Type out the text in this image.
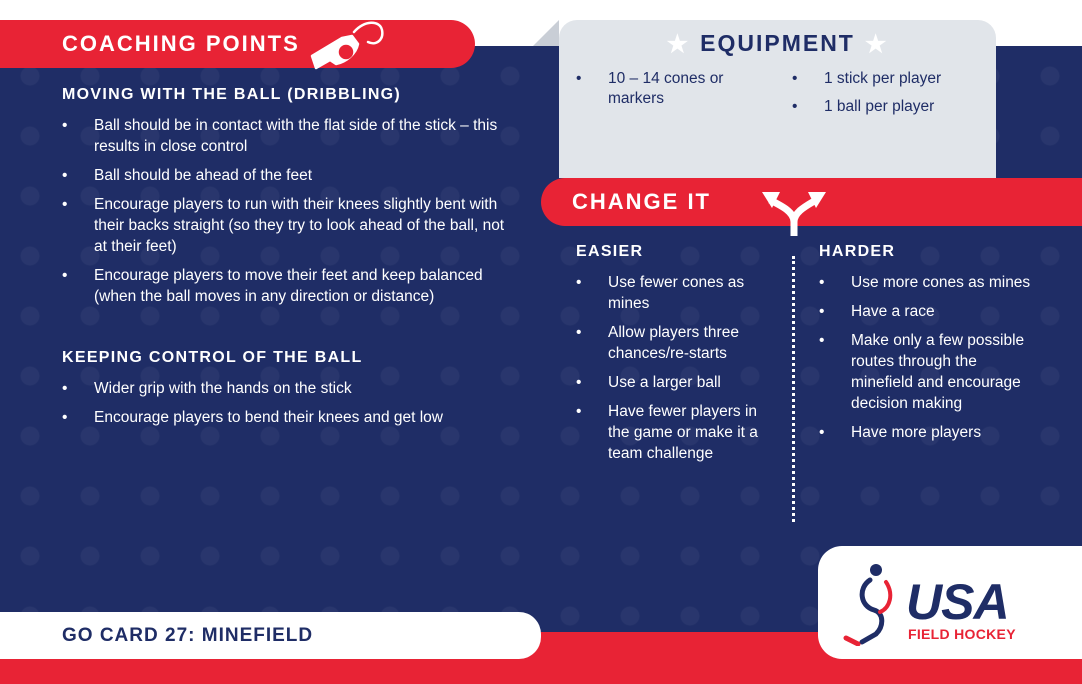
COACHING POINTS
MOVING WITH THE BALL (DRIBBLING)
• Ball should be in contact with the flat side of the stick – this results in close control
• Ball should be ahead of the feet
• Encourage players to run with their knees slightly bent with their backs straight (so they try to look ahead of the ball, not at their feet)
• Encourage players to move their feet and keep balanced (when the ball moves in any direction or distance)
KEEPING CONTROL OF THE BALL
• Wider grip with the hands on the stick
• Encourage players to bend their knees and get low
★ EQUIPMENT ★
• 10 – 14 cones or markers
• 1 stick per player
• 1 ball per player
CHANGE IT
EASIER
• Use fewer cones as mines
• Allow players three chances/re-starts
• Use a larger ball
• Have fewer players in the game or make it a team challenge
HARDER
• Use more cones as mines
• Have a race
• Make only a few possible routes through the minefield and encourage decision making
• Have more players
GO CARD 27: MINEFIELD
USA
FIELD HOCKEY
